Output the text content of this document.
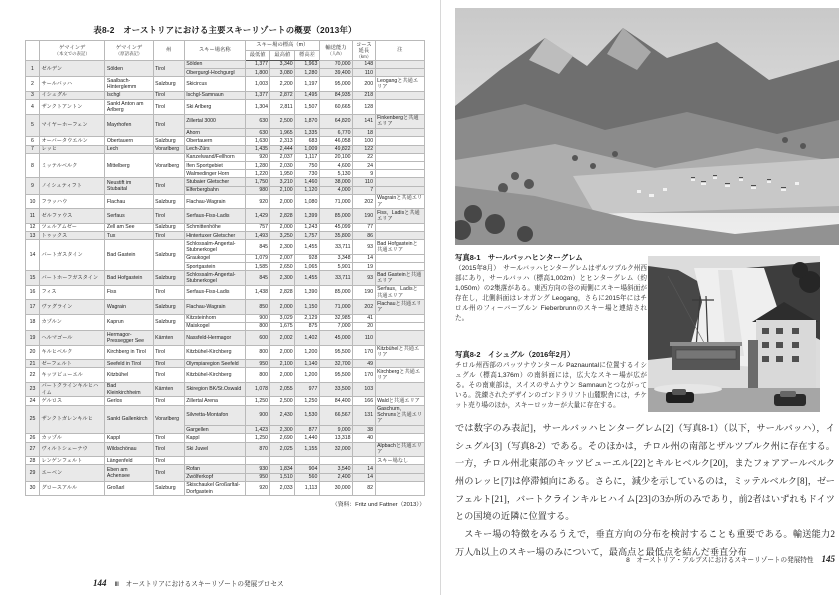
表8-2　オーストリアにおける主要スキーリゾートの概要（2013年）

ゲマインデ
（本文での表記）

ゲマインデ
（原語表記）
	州	スキー場名称	スキー場の標高（m）	輸送能力
（人/h）

コース延長
（km）
	注
					最低値	最高値	標高差			
1	ゼルデン	Sölden	Tirol	Sölden	1,377	3,340	1,963	70,000	148	
				Obergurgl-Hochgurgl	1,800	3,080	1,280	39,400	110	
2	サールバッハ	Saalbach-Hinterglemm	Salzburg	Skicircus	1,003	2,200	1,197	95,000	200	Leogangと共通エリア
3	イシュグル	Ischgl	Tirol	Ischgl-Samnaun	1,377	2,872	1,495	84,935	218	
4	ザンクトアントン	Sankt Anton am Arlberg	Tirol	Ski Arlberg	1,304	2,811	1,507	60,665	128	
5	マイヤーホーフェン	Mayrhofen	Tirol	Zillertal 3000	630	2,500	1,870	64,820	141	Finkenbergと共通エリア
				Ahorn	630	1,965	1,335	6,770	18	
6	オーバータウエルン	Obertauern	Salzburg	Obertauern	1,630	2,313	683	46,058	100	
7	レッヒ	Lech	Vorarlberg	Lech-Zürs	1,435	2,444	1,009	49,822	122	
8	ミッテルベルク	Mittelberg	Vorarlberg	Kanzelwand/Fellhorn	920	2,037	1,117	20,100	22	
				Ifen Sportgebiet	1,280	2,030	750	4,600	24	
				Walmedinger Horn	1,220	1,950	730	5,130	9	
9	ノイシュティフト	Neustift im Stubaital	Tirol	Stubaier Gletscher	1,750	3,210	1,460	38,000	110	
				Elferbergbahn	980	2,100	1,120	4,000	7	
10	フラッハウ	Flachau	Salzburg	Flachau-Wagrain	920	2,000	1,080	71,000	202	Wagrainと共通エリア
11	ゼルファウス	Serfaus	Tirol	Serfaus-Fiss-Ladis	1,429	2,828	1,399	85,000	190	Fiss，Ladisと共通エリア
12	ツェルアムゼー	Zell am See	Salzburg	Schmittenhöhe	757	2,000	1,243	45,099	77	
13	トゥックス	Tux	Tirol	Hintertuxer Gletscher	1,493	3,250	1,757	35,800	86	
14	バートガスタイン	Bad Gastein	Salzburg	Schlossalm-Angertal-Stubnerkogel	845	2,300	1,455	33,711	93	Bad Hofgasteinと共通エリア
				Graukogel	1,079	2,007	928	3,348	14	
				Sportgastein	1,585	2,650	1,065	5,901	19	
15	バートホーフガスタイン	Bad Hofgastein	Salzburg	Schlossalm-Angertal-Stubnerkogel	845	2,300	1,455	33,711	93	Bad Gasteinと共通エリア
16	フィス	Fiss	Tirol	Serfaus-Fiss-Ladis	1,438	2,828	1,390	85,000	190	Serfaus，Ladisと共通エリア
17	ヴァグライン	Wagrain	Salzburg	Flachau-Wagrain	850	2,000	1,150	71,000	202	Flachauと共通エリア
18	カプルン	Kaprun	Salzburg	Kitzsteinhorn	900	3,029	2,129	32,985	41	
				Maiskogel	800	1,675	875	7,000	20	
19	ヘルマゴール	Hermagor-Pressegger See	Kärnten	Nassfeld-Hermagor	600	2,002	1,402	45,000	110	
20	キルヒベルク	Kirchberg in Tirol	Tirol	Kitzbühel-Kirchberg	800	2,000	1,200	95,500	170	Kitzbühelと共通エリア
21	ゼーフェルト	Seefeld in Tirol	Tirol	Olympiaregion Seefeld	950	2,100	1,140	32,700	49	
22	キッツビューエル	Kitzbühel	Tirol	Kitzbühel-Kirchberg	800	2,000	1,200	95,500	170	Kirchbergと共通エリア
23	バートクラインキルヒハイム	Bad Kleinkirchheim	Kärnten	Skiregion BK/St.Oswald	1,078	2,055	977	33,500	103	
24	ゲルロス	Gerlos	Tirol	Zillertal Arena	1,250	2,500	1,250	84,400	166	Waldと共通エリア
25	ザンクトガレンキルヒ	Sankt Gallenkirch	Vorarlberg	Silvretta-Montafon	900	2,430	1,530	66,567	131	Gaschurn，Schrunsと共通エリア
				Gargellen	1,423	2,300	877	9,000	38	
26	カップル	Kappl	Tirol	Kappl	1,250	2,690	1,440	13,318	40	
27	ヴィルトシェーナウ	Wildschönau	Tirol	Ski Juwel	870	2,025	1,155	32,000		Alpbachと共通エリア
28	レンゲンフェルト	Längenfeld	Tirol							スキー場なし
29	エーベン	Eben am Achensee	Tirol	Rofan	930	1,834	904	3,540	14	
				Zwölferkopf	950	1,510	560	2,400	14	
30	グロースアルル	Großarl	Salzburg	Skischaukel Großarltal-Dorfgastein	920	2,033	1,113	30,000	82	
（資料：Fritz und Fattner（2013））
144 Ⅲ　オーストリアにおけるスキーリゾートの発展プロセス
写真8-1　サールバッハヒンターグレム
（2015年8月）　サールバッハヒンターグレムはザルツブルク州西部にあり，サールバッハ（標高1,002m）とヒンターグレム（約1,050m）の2集落がある。東西方向の谷の両側にスキー場斜面が存在し，北側斜面はレオガング Leogang，さらに2015年にはチロル州のフィーバーブルン Fieberbrunnのスキー場と連結された。
写真8-2　イシュグル（2016年2月）
チロル州西部のパッツナウンタール Paznauntalに位置するイシュグル（標高1,376m）の南斜面には，広大なスキー場が広がる。その南東部は，スイスのサムナウン Samnaunとつながっている。洗練されたデザインのゴンドラリフト山麓駅舎には，チケット売り場のほか，スキーロッカーが大量に存在する。

では数字のみ表記]，サールバッハヒンターグレム[2]（写真8-1）（以下，サールバッハ），イシュグル[3]（写真8-2）である。そのほかは，チロル州の南部とザルツブルク州に存在する。一方，チロル州北東部のキッツビューエル[22]とキルヒベルク[20]，またフォアアールベルク州のレッヒ[7]は停滞傾向にある。さらに，減少を示しているのは，ミッテルベルク[8]，ゼーフェルト[21]，バートクラインキルヒハイム[23]の3か所のみであり，前2者はいずれもドイツとの国境の近隣に位置する。

スキー場の特徴をみるうえで，垂直方向の分布を検討することも重要である。輸送能力2万人/h以上のスキー場のみについて，最高点と最低点を結んだ垂直分布

8　オーストリア・アルプスにおけるスキーリゾートの発展特性 145
